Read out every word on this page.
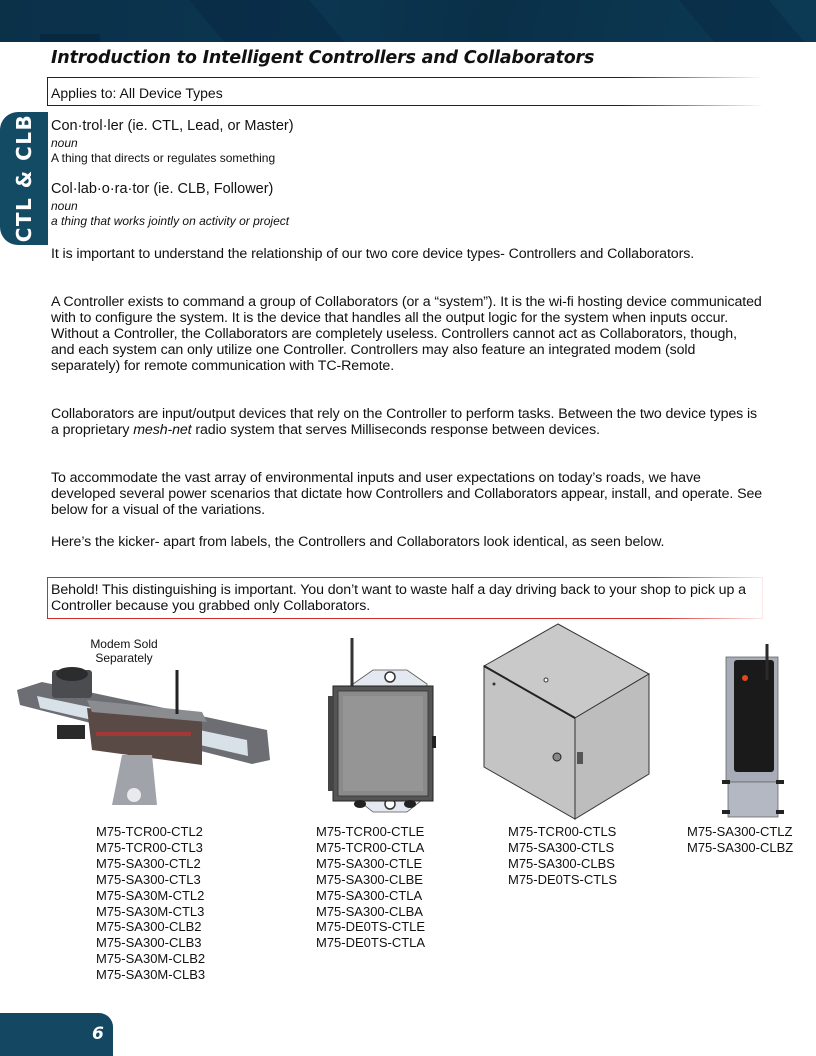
Introduction to Intelligent Controllers and Collaborators
Applies to: All Device Types
CTL & CLB Con·trol·ler (ie. CTL, Lead, or Master)
noun
A thing that directs or regulates something
Col·lab·o·ra·tor (ie. CLB, Follower)
noun
a thing that works jointly on activity or project
It is important to understand the relationship of our two core device types- Controllers and Collaborators.
A Controller exists to command a group of Collaborators (or a “system”). It is the wi-fi hosting device communicated with to configure the system. It is the device that handles all the output logic for the system when inputs occur. Without a Controller, the Collaborators are completely useless. Controllers cannot act as Collaborators, though, and each system can only utilize one Controller. Controllers may also feature an integrated modem (sold separately) for remote communication with TC-Remote.
Collaborators are input/output devices that rely on the Controller to perform tasks. Between the two device types is a proprietary mesh-net radio system that serves Milliseconds response between devices.
To accommodate the vast array of environmental inputs and user expectations on today’s roads, we have developed several power scenarios that dictate how Controllers and Collaborators appear, install, and operate. See below for a visual of the variations.
Here’s the kicker- apart from labels, the Controllers and Collaborators look identical, as seen below.
Behold! This distinguishing is important. You don’t want to waste half a day driving back to your shop to pick up a Controller because you grabbed only Collaborators.
Modem Sold Separately
M75-TCR00-CTL2
M75-TCR00-CTL3
M75-SA300-CTL2
M75-SA300-CTL3
M75-SA30M-CTL2
M75-SA30M-CTL3
M75-SA300-CLB2
M75-SA300-CLB3
M75-SA30M-CLB2
M75-SA30M-CLB3
M75-TCR00-CTLE
M75-TCR00-CTLA
M75-SA300-CTLE
M75-SA300-CLBE
M75-SA300-CTLA
M75-SA300-CLBA
M75-DE0TS-CTLE
M75-DE0TS-CTLA
M75-TCR00-CTLS
M75-SA300-CTLS
M75-SA300-CLBS
M75-DE0TS-CTLS
M75-SA300-CTLZ
M75-SA300-CLBZ
6
